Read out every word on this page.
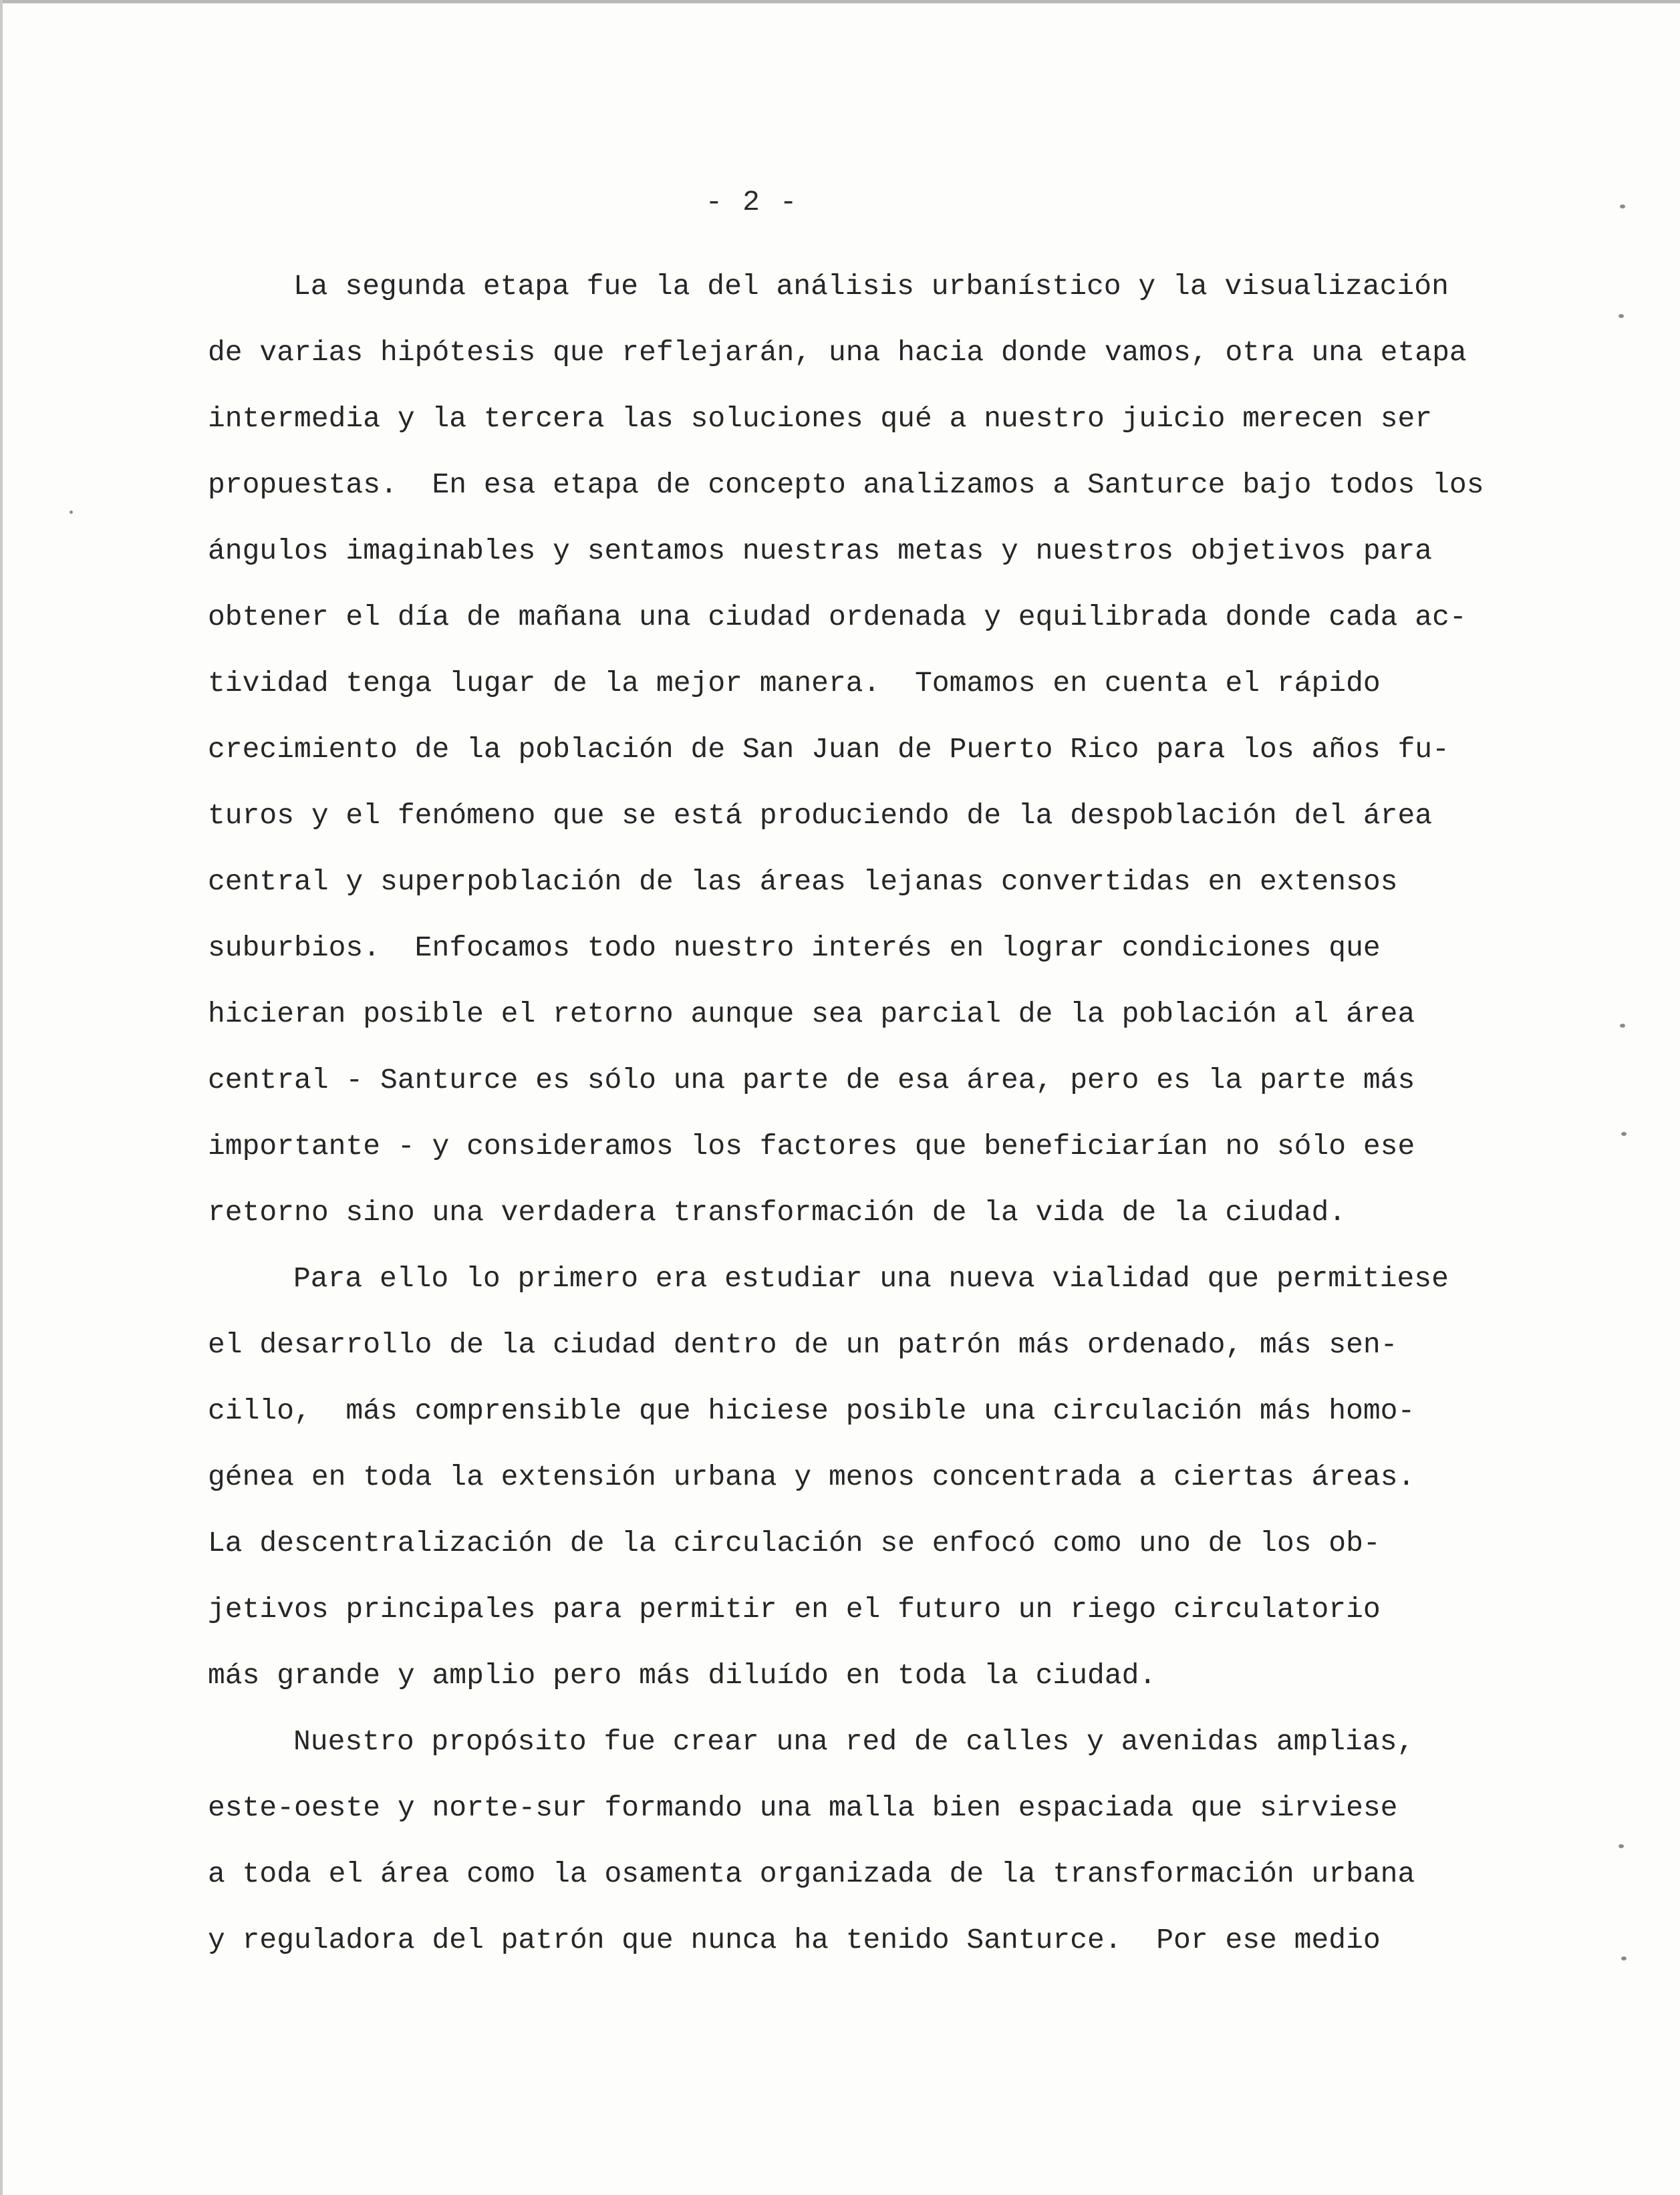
- 2 -

La segunda etapa fue la del análisis urbanístico y la visualización
de varias hipótesis que reflejarán, una hacia donde vamos, otra una etapa
intermedia y la tercera las soluciones qué a nuestro juicio merecen ser
propuestas.  En esa etapa de concepto analizamos a Santurce bajo todos los
ángulos imaginables y sentamos nuestras metas y nuestros objetivos para
obtener el día de mañana una ciudad ordenada y equilibrada donde cada ac-
tividad tenga lugar de la mejor manera.  Tomamos en cuenta el rápido
crecimiento de la población de San Juan de Puerto Rico para los años fu-
turos y el fenómeno que se está produciendo de la despoblación del área
central y superpoblación de las áreas lejanas convertidas en extensos
suburbios.  Enfocamos todo nuestro interés en lograr condiciones que
hicieran posible el retorno aunque sea parcial de la población al área
central - Santurce es sólo una parte de esa área, pero es la parte más
importante - y consideramos los factores que beneficiarían no sólo ese
retorno sino una verdadera transformación de la vida de la ciudad.

Para ello lo primero era estudiar una nueva vialidad que permitiese
el desarrollo de la ciudad dentro de un patrón más ordenado, más sen-
cillo,  más comprensible que hiciese posible una circulación más homo-
génea en toda la extensión urbana y menos concentrada a ciertas áreas.
La descentralización de la circulación se enfocó como uno de los ob-
jetivos principales para permitir en el futuro un riego circulatorio
más grande y amplio pero más diluído en toda la ciudad.

Nuestro propósito fue crear una red de calles y avenidas amplias,
este-oeste y norte-sur formando una malla bien espaciada que sirviese
a toda el área como la osamenta organizada de la transformación urbana
y reguladora del patrón que nunca ha tenido Santurce.  Por ese medio
